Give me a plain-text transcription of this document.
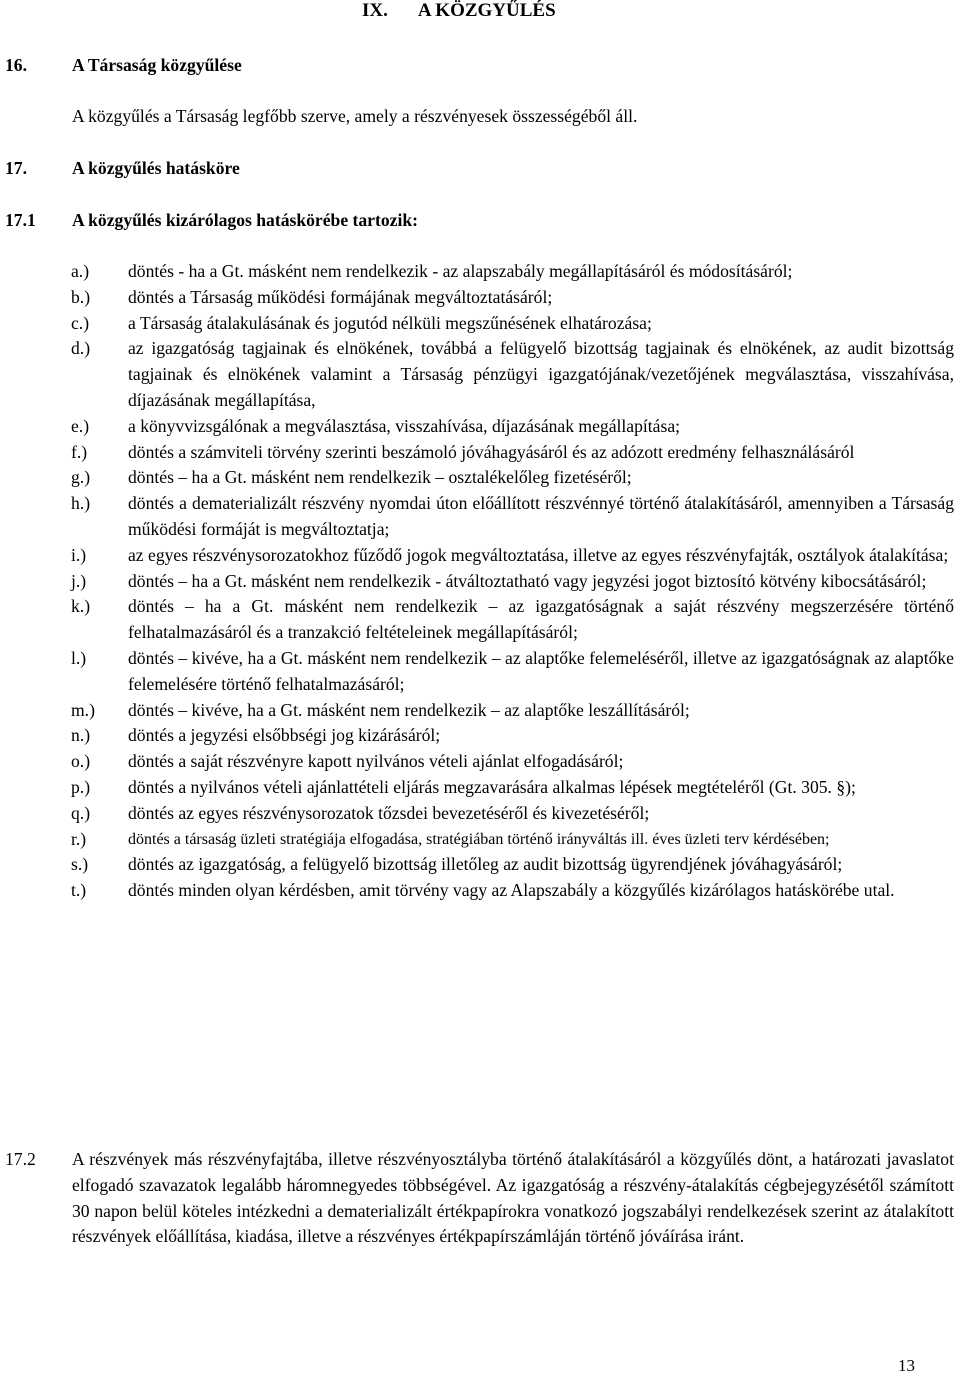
IX. A KÖZGYŰLÉS
16.	A Társaság közgyűlése
A közgyűlés a Társaság legfőbb szerve, amely a részvényesek összességéből áll.
17.	A közgyűlés hatásköre
17.1 A közgyűlés kizárólagos hatáskörébe tartozik:
a.)	döntés - ha a Gt. másként nem rendelkezik - az alapszabály megállapításáról és módosításáról;
b.)	döntés a Társaság működési formájának megváltoztatásáról;
c.)	a Társaság átalakulásának és jogutód nélküli megszűnésének elhatározása;
d.)	az igazgatóság tagjainak és elnökének, továbbá a felügyelő bizottság tagjainak és elnökének, az audit bizottság tagjainak és elnökének valamint a Társaság pénzügyi igazgatójának/vezetőjének megválasztása, visszahívása, díjazásának megállapítása,
e.)	a könyvvizsgálónak a megválasztása, visszahívása, díjazásának megállapítása;
f.)	döntés a számviteli törvény szerinti beszámoló jóváhagyásáról és az adózott eredmény felhasználásáról
g.)	döntés – ha a Gt. másként nem rendelkezik – osztalékelőleg fizetéséről;
h.)	döntés a dematerializált részvény nyomdai úton előállított részvénnyé történő átalakításáról, amennyiben a Társaság működési formáját is megváltoztatja;
i.)	az egyes részvénysorozatokhoz fűződő jogok megváltoztatása, illetve az egyes részvényfajták, osztályok átalakítása;
j.)	döntés – ha a Gt. másként nem rendelkezik - átváltoztatható vagy jegyzési jogot biztosító kötvény kibocsátásáról;
k.)	döntés – ha a Gt. másként nem rendelkezik – az igazgatóságnak a saját részvény megszerzésére történő felhatalmazásáról és a tranzakció feltételeinek megállapításáról;
l.)	döntés – kivéve, ha a Gt. másként nem rendelkezik – az alaptőke felemeléséről, illetve az igazgatóságnak az alaptőke felemelésére történő felhatalmazásáról;
m.)	döntés – kivéve, ha a Gt. másként nem rendelkezik – az alaptőke leszállításáról;
n.)	döntés a jegyzési elsőbbségi jog kizárásáról;
o.)	döntés a saját részvényre kapott nyilvános vételi ajánlat elfogadásáról;
p.)	döntés a nyilvános vételi ajánlattételi eljárás megzavarására alkalmas lépések megtételéről (Gt. 305. §);
q.)	döntés az egyes részvénysorozatok tőzsdei bevezetéséről és kivezetéséről;
r.)	döntés a társaság üzleti stratégiája elfogadása, stratégiában történő irányváltás ill. éves üzleti terv kérdésében;
s.)	döntés az igazgatóság, a felügyelő bizottság illetőleg az audit bizottság ügyrendjének jóváhagyásáról;
t.)	döntés minden olyan kérdésben, amit törvény vagy az Alapszabály a közgyűlés kizárólagos hatáskörébe utal.
17.2	A részvények más részvényfajtába, illetve részvényosztályba történő átalakításáról a közgyűlés dönt, a határozati javaslatot elfogadó szavazatok legalább háromnegyedes többségével. Az igazgatóság a részvény-átalakítás cégbejegyzésétől számított 30 napon belül köteles intézkedni a dematerializált értékpapírokra vonatkozó jogszabályi rendelkezések szerint az átalakított részvények előállítása, kiadása, illetve a részvényes értékpapírszámláján történő jóváírása iránt.
13
